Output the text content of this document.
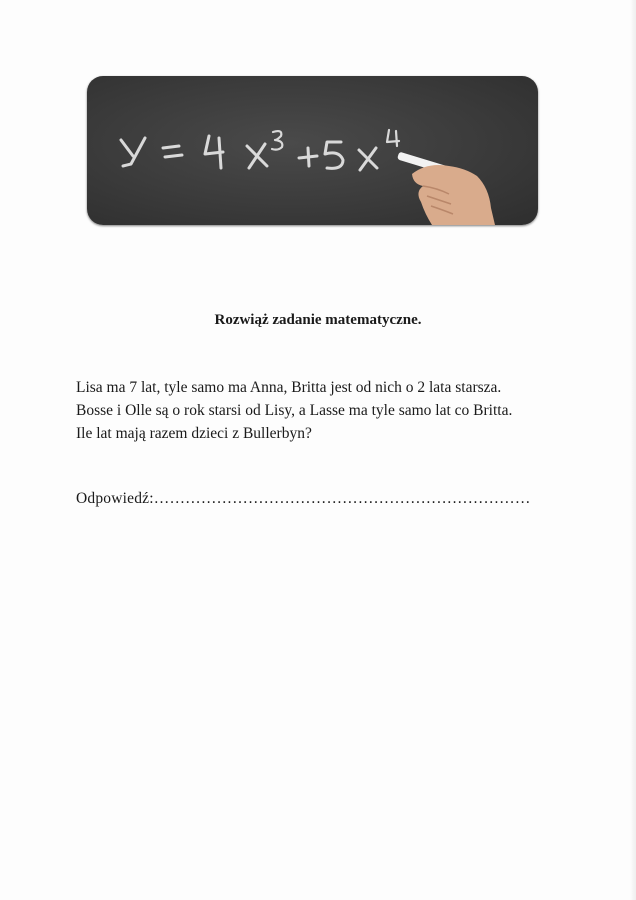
Rozwiąż zadanie matematyczne.
Lisa ma 7 lat, tyle samo ma Anna, Britta jest od nich o 2 lata starsza.
Bosse i Olle są o rok starsi od Lisy, a Lasse ma tyle samo lat co Britta.
Ile lat mają razem dzieci z Bullerbyn?
Odpowiedź:………………………………………………………………
